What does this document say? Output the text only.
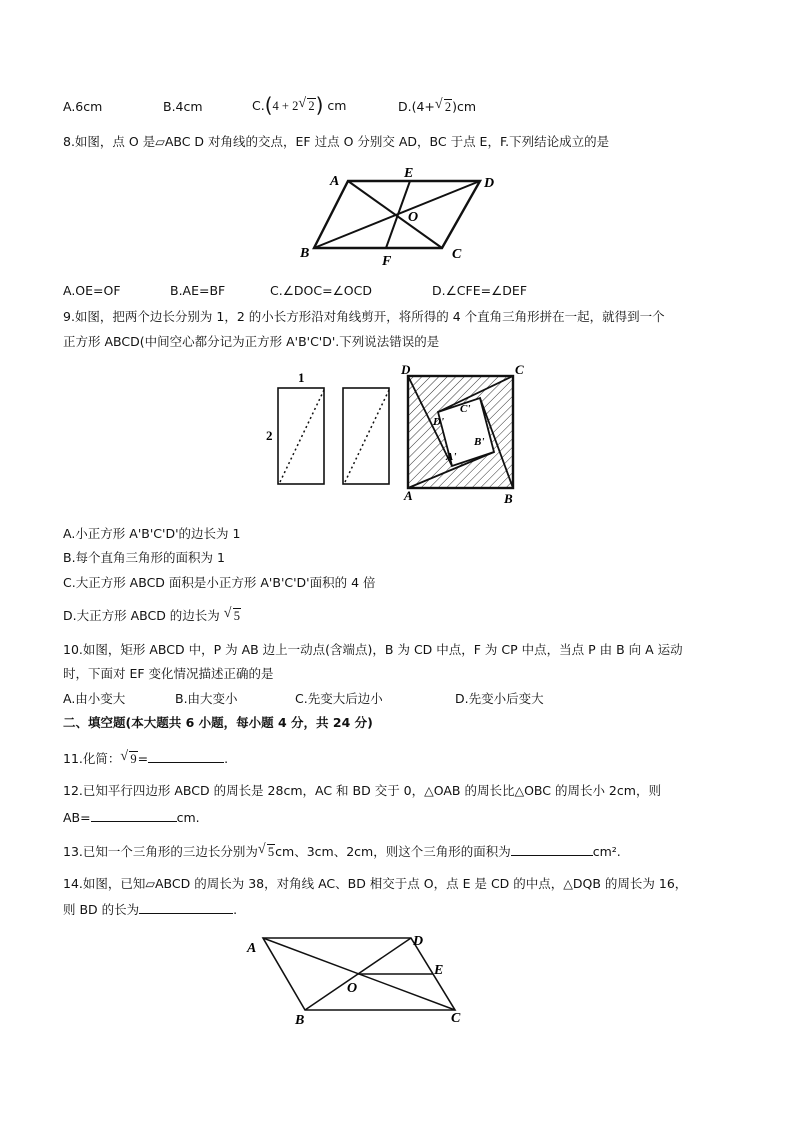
A.6cm	B.4cm	C.(4 + 2 √ 2) cm	D.(4+ √ 2)cm
8.如图，点 O 是▱ABC D 对角线的交点，EF 过点 O 分别交 AD，BC 于点 E，F.下列结论成立的是
A
E
D
O
B
F	C
A.OE=OF	B.AE=BF	C.∠DOC=∠OCD	D.∠CFE=∠DEF
9.如图，把两个边长分别为 1，2 的小长方形沿对角线剪开，将所得的 4 个直角三角形拼在一起，就得到一个
正方形 ABCD(中间空心都分记为正方形 A'B'C'D'.下列说法错误的是
1
2
D	C
A	B
D'
C'
B'
A'
A.小正方形 A'B'C'D'的边长为 1
B.每个直角三角形的面积为 1
C.大正方形 ABCD 面积是小正方形 A'B'C'D'面积的 4 倍
D.大正方形 ABCD 的边长为 √ 5
10.如图，矩形 ABCD 中，P 为 AB 边上一动点(含端点)，B 为 CD 中点，F 为 CP 中点，当点 P 由 B 向 A 运动
时，下面对 EF 变化情况描述正确的是
A.由小变大	B.由大变小	C.先变大后边小	D.先变小后变大
二、填空题(本大题共 6 小题，每小题 4 分，共 24 分)
11.化简： √ 9=	.
12.已知平行四边形 ABCD 的周长是 28cm，AC 和 BD 交于 0，△OAB 的周长比△OBC 的周长小 2cm，则
AB=	cm.
13.已知一个三角形的三边长分别为 √ 5cm、3cm、2cm，则这个三角形的面积为	cm².
14.如图，已知▱ABCD 的周长为 38，对角线 AC、BD 相交于点 O，点 E 是 CD 的中点，△DQB 的周长为 16，
则 BD 的长为	.
A	D
E
O
B	C
